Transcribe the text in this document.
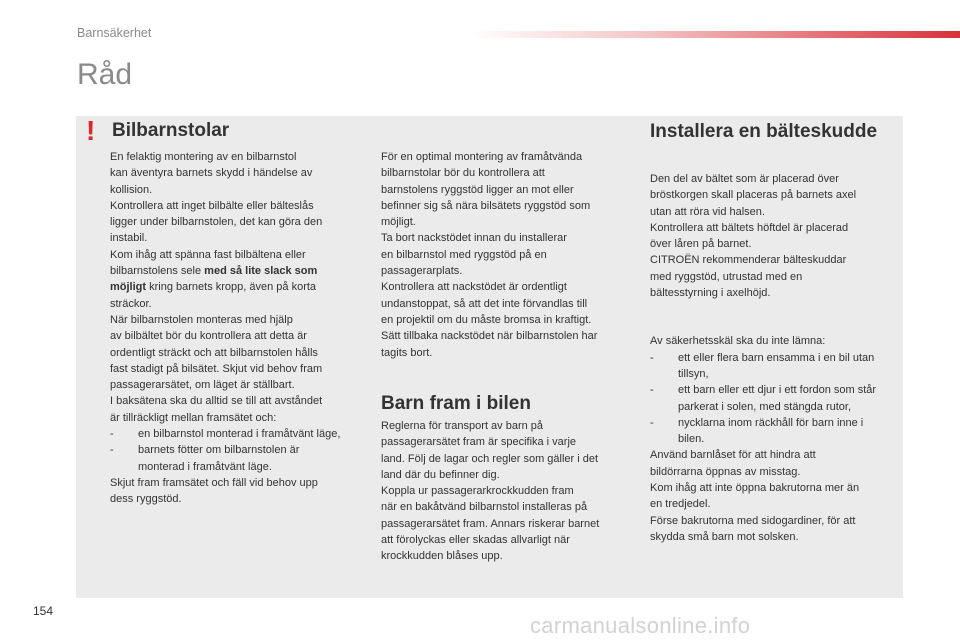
Barnsäkerhet
Råd
! Bilbarnstolar

En felaktig montering av en bilbarnstol

kan äventyra barnets skydd i händelse av

kollision.

Kontrollera att inget bilbälte eller bälteslås

ligger under bilbarnstolen, det kan göra den

instabil.

Kom ihåg att spänna fast bilbältena eller

bilbarnstolens sele med så lite slack som

möjligt kring barnets kropp, även på korta

sträckor.

När bilbarnstolen monteras med hjälp

av bilbältet bör du kontrollera att detta är

ordentligt sträckt och att bilbarnstolen hålls

fast stadigt på bilsätet. Skjut vid behov fram

passagerarsätet, om läget är ställbart.

I baksätena ska du alltid se till att avståndet

är tillräckligt mellan framsätet och:

- en bilbarnstol monterad i framåtvänt läge,

- barnets fötter om bilbarnstolen är

monterad i framåtvänt läge.

Skjut fram framsätet och fäll vid behov upp

dess ryggstöd.

För en optimal montering av framåtvända

bilbarnstolar bör du kontrollera att

barnstolens ryggstöd ligger an mot eller

befinner sig så nära bilsätets ryggstöd som

möjligt.

Ta bort nackstödet innan du installerar

en bilbarnstol med ryggstöd på en

passagerarplats.

Kontrollera att nackstödet är ordentligt

undanstoppat, så att det inte förvandlas till

en projektil om du måste bromsa in kraftigt.

Sätt tillbaka nackstödet när bilbarnstolen har

tagits bort.

Barn fram i bilen

Reglerna för transport av barn på

passagerarsätet fram är specifika i varje

land. Följ de lagar och regler som gäller i det

land där du befinner dig.

Koppla ur passagerarkrockkudden fram

när en bakåtvänd bilbarnstol installeras på

passagerarsätet fram. Annars riskerar barnet

att förolyckas eller skadas allvarligt när

krockkudden blåses upp.

Installera en bälteskudde

Den del av bältet som är placerad över

bröstkorgen skall placeras på barnets axel

utan att röra vid halsen.

Kontrollera att bältets höftdel är placerad

över låren på barnet.

CITROËN rekommenderar bälteskuddar

med ryggstöd, utrustad med en

bältesstyrning i axelhöjd.

Av säkerhetsskäl ska du inte lämna:

- ett eller flera barn ensamma i en bil utan

tillsyn,

- ett barn eller ett djur i ett fordon som står

parkerat i solen, med stängda rutor,

- nycklarna inom räckhåll för barn inne i

bilen.

Använd barnlåset för att hindra att

bildörrarna öppnas av misstag.

Kom ihåg att inte öppna bakrutorna mer än

en tredjedel.

Förse bakrutorna med sidogardiner, för att

skydda små barn mot solsken.

154
carmanualsonline.info
